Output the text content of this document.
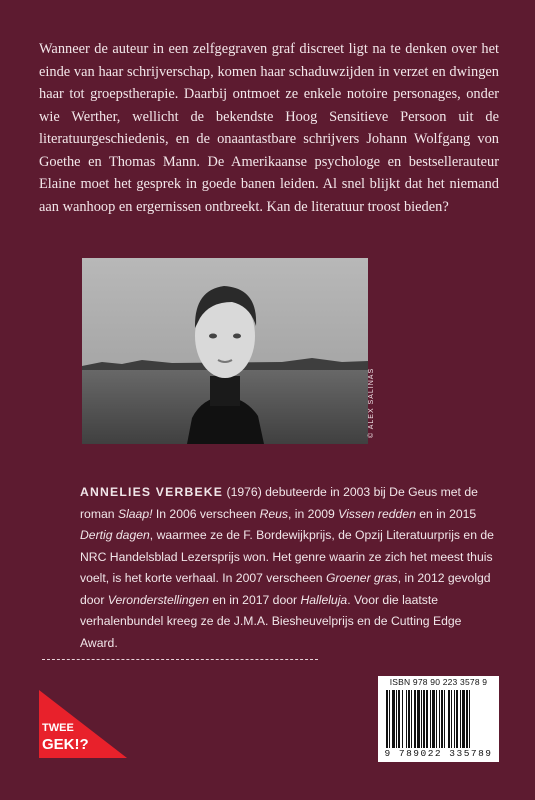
Wanneer de auteur in een zelfgegraven graf discreet ligt na te denken over het einde van haar schrijverschap, komen haar schaduwzijden in verzet en dwingen haar tot groepstherapie. Daarbij ontmoet ze enkele notoire personages, onder wie Werther, wellicht de bekendste Hoog Sensitieve Persoon uit de literatuurgeschiedenis, en de onaantastbare schrijvers Johann Wolfgang von Goethe en Thomas Mann. De Amerikaanse psychologe en bestsellerauteur Elaine moet het gesprek in goede banen leiden. Al snel blijkt dat het niemand aan wanhoop en ergernissen ontbreekt. Kan de literatuur troost bieden?
© ALEX SALINAS
ANNELIES VERBEKE (1976) debuteerde in 2003 bij De Geus met de roman Slaap! In 2006 verscheen Reus, in 2009 Vissen redden en in 2015 Dertig dagen, waarmee ze de F. Bordewijkprijs, de Opzij Literatuurprijs en de NRC Handelsblad Lezersprijs won. Het genre waarin ze zich het meest thuis voelt, is het korte verhaal. In 2007 verscheen Groener gras, in 2012 gevolgd door Veronderstellingen en in 2017 door Halleluja. Voor die laatste verhalenbundel kreeg ze de J.M.A. Biesheuvelprijs en de Cutting Edge Award.
TWEE
GEK!?
ISBN 978 90 223 3578 9
9 789022 335789
